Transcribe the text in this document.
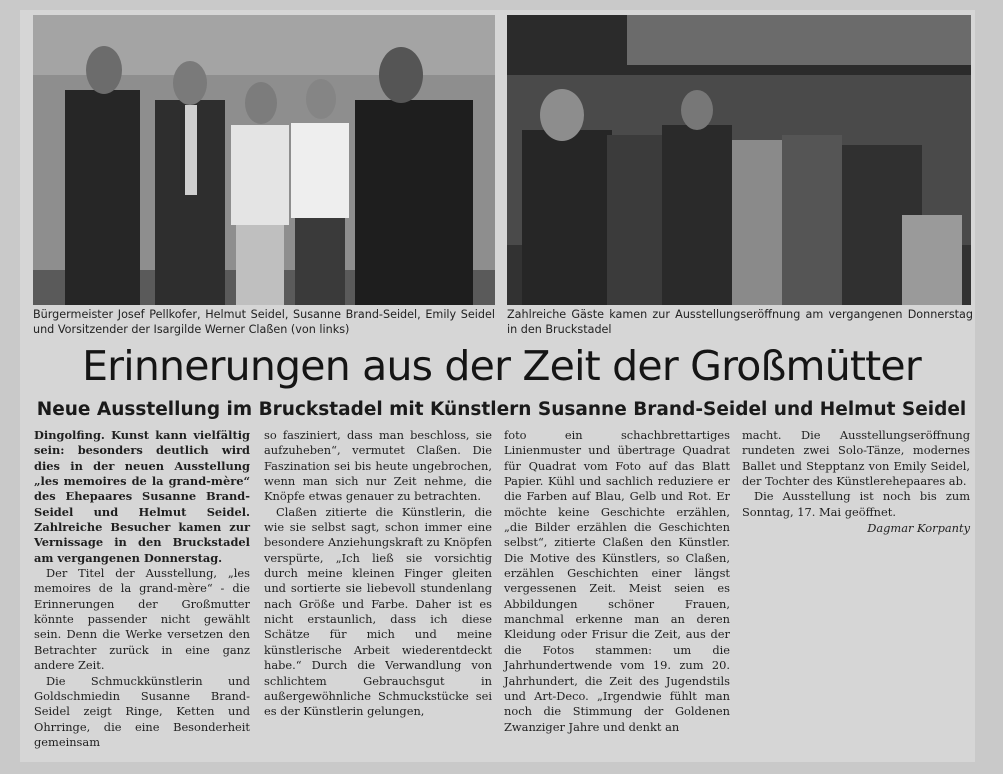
Bürgermeister Josef Pellkofer, Helmut Seidel, Susanne Brand-Seidel, Emily Seidel und Vorsitzender der Isargilde Werner Claßen (von links)

Zahlreiche Gäste kamen zur Ausstellungseröffnung am vergangenen Donnerstag in den Bruckstadel

Erinnerungen aus der Zeit der Großmütter
Neue Ausstellung im Bruckstadel mit Künstlern Susanne Brand-Seidel und Helmut Seidel

Dingolfing. Kunst kann vielfältig sein: besonders deutlich wird dies in der neuen Ausstellung „les memoires de la grand-mère“ des Ehepaares Susanne Brand-Seidel und Helmut Seidel. Zahlreiche Besucher kamen zur Vernissage in den Bruckstadel am vergangenen Donnerstag.

Der Titel der Ausstellung, „les memoires de la grand-mère“ - die Erinnerungen der Großmutter könnte passender nicht gewählt sein. Denn die Werke versetzen den Betrachter zurück in eine ganz andere Zeit.

Die Schmuckkünstlerin und Goldschmiedin Susanne Brand-Seidel zeigt Ringe, Ketten und Ohrringe, die eine Besonderheit gemeinsam

so fasziniert, dass man beschloss, sie aufzuheben“, vermutet Claßen. Die Faszination sei bis heute ungebrochen, wenn man sich nur Zeit nehme, die Knöpfe etwas genauer zu betrachten.

Claßen zitierte die Künstlerin, die wie sie selbst sagt, schon immer eine besondere Anziehungskraft zu Knöpfen verspürte, „Ich ließ sie vorsichtig durch meine kleinen Finger gleiten und sortierte sie liebevoll stundenlang nach Größe und Farbe. Daher ist es nicht erstaunlich, dass ich diese Schätze für mich und meine künstlerische Arbeit wiederentdeckt habe.“ Durch die Verwandlung von schlichtem Gebrauchsgut in außergewöhnliche Schmuckstücke sei es der Künstlerin gelungen,

foto ein schachbrettartiges Linienmuster und übertrage Quadrat für Quadrat vom Foto auf das Blatt Papier. Kühl und sachlich reduziere er die Farben auf Blau, Gelb und Rot. Er möchte keine Geschichte erzählen, „die Bilder erzählen die Geschichten selbst“, zitierte Claßen den Künstler. Die Motive des Künstlers, so Claßen, erzählen Geschichten einer längst vergessenen Zeit. Meist seien es Abbildungen schöner Frauen, manchmal erkenne man an deren Kleidung oder Frisur die Zeit, aus der die Fotos stammen: um die Jahrhundertwende vom 19. zum 20. Jahrhundert, die Zeit des Jugendstils und Art-Deco. „Irgendwie fühlt man noch die Stimmung der Goldenen Zwanziger Jahre und denkt an

macht. Die Ausstellungseröffnung rundeten zwei Solo-Tänze, modernes Ballet und Stepptanz von Emily Seidel, der Tochter des Künstlerehepaares ab.

Die Ausstellung ist noch bis zum Sonntag, 17. Mai geöffnet.

Dagmar Korpanty
